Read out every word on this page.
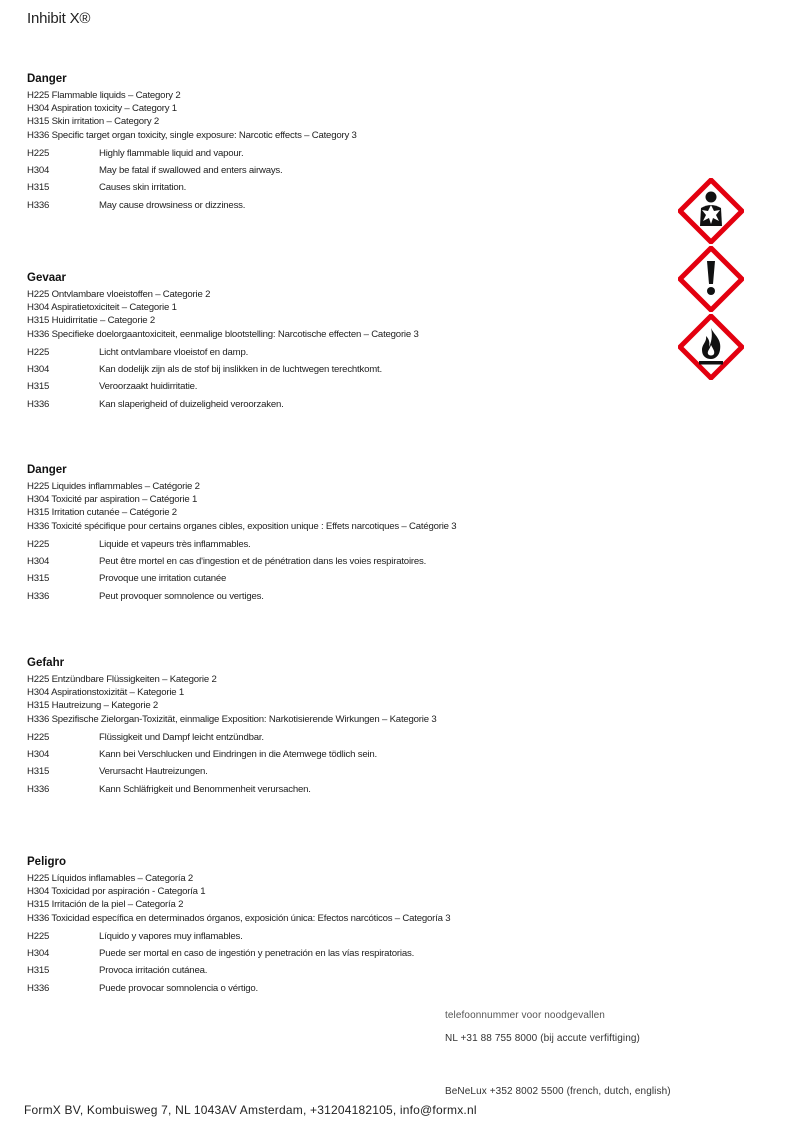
Inhibit X®
Danger
H225 Flammable liquids – Category 2
H304 Aspiration toxicity – Category 1
H315 Skin irritation – Category 2
H336 Specific target organ toxicity, single exposure: Narcotic effects – Category 3
H225	Highly flammable liquid and vapour.
H304	May be fatal if swallowed and enters airways.
H315	Causes skin irritation.
H336	May cause drowsiness or dizziness.
Gevaar
H225 Ontvlambare vloeistoffen – Categorie 2
H304 Aspiratietoxiciteit – Categorie 1
H315 Huidirritatie – Categorie 2
H336 Specifieke doelorgaantoxiciteit, eenmalige blootstelling: Narcotische effecten – Categorie 3
H225	Licht ontvlambare vloeistof en damp.
H304	Kan dodelijk zijn als de stof bij inslikken in de luchtwegen terechtkomt.
H315	Veroorzaakt huidirritatie.
H336	Kan slaperigheid of duizeligheid veroorzaken.
Danger
H225 Liquides inflammables – Catégorie 2
H304 Toxicité par aspiration – Catégorie 1
H315 Irritation cutanée – Catégorie 2
H336 Toxicité spécifique pour certains organes cibles, exposition unique : Effets narcotiques – Catégorie 3
H225	Liquide et vapeurs très inflammables.
H304	Peut être mortel en cas d'ingestion et de pénétration dans les voies respiratoires.
H315	Provoque une irritation cutanée
H336	Peut provoquer somnolence ou vertiges.
Gefahr
H225 Entzündbare Flüssigkeiten – Kategorie 2
H304 Aspirationstoxizität – Kategorie 1
H315 Hautreizung – Kategorie 2
H336 Spezifische Zielorgan-Toxizität, einmalige Exposition: Narkotisierende Wirkungen – Kategorie 3
H225	Flüssigkeit und Dampf leicht entzündbar.
H304	Kann bei Verschlucken und Eindringen in die Atemwege tödlich sein.
H315	Verursacht Hautreizungen.
H336	Kann Schläfrigkeit und Benommenheit verursachen.
Peligro
H225 Líquidos inflamables – Categoría 2
H304 Toxicidad por aspiración - Categoría 1
H315 Irritación de la piel – Categoría 2
H336 Toxicidad específica en determinados órganos, exposición única: Efectos narcóticos – Categoría 3
H225	Líquido y vapores muy inflamables.
H304	Puede ser mortal en caso de ingestión y penetración en las vías respiratorias.
H315	Provoca irritación cutánea.
H336	Puede provocar somnolencia o vértigo.
telefoonnummer voor noodgevallen
NL +31 88 755 8000 (bij accute verfiftiging)
BeNeLux +352 8002 5500 (french, dutch, english)
FormX BV, Kombuisweg 7, NL 1043AV Amsterdam, +31204182105, info@formx.nl
